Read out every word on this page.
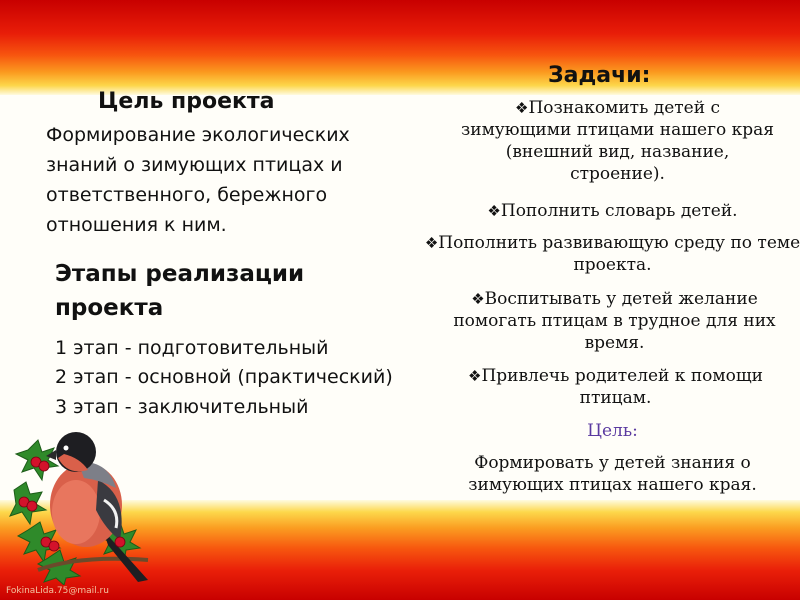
Цель проекта

Формирование экологических
знаний о зимующих птицах и
ответственного, бережного
отношения к ним.
Этапы реализации
проекта
1 этап - подготовительный
2 этап - основной (практический)
3 этап - заключительный

Задачи:

❖Познакомить детей с зимующими птицами нашего края (внешний вид, название, строение).
❖Пополнить словарь детей.
❖Пополнить развивающую среду по теме проекта.
❖Воспитывать у детей желание помогать птицам в трудное для них время.
❖Привлечь родителей к помощи птицам.

Цель:

Формировать у детей знания о зимующих птицах нашего края.

FokinaLida.75@mail.ru
